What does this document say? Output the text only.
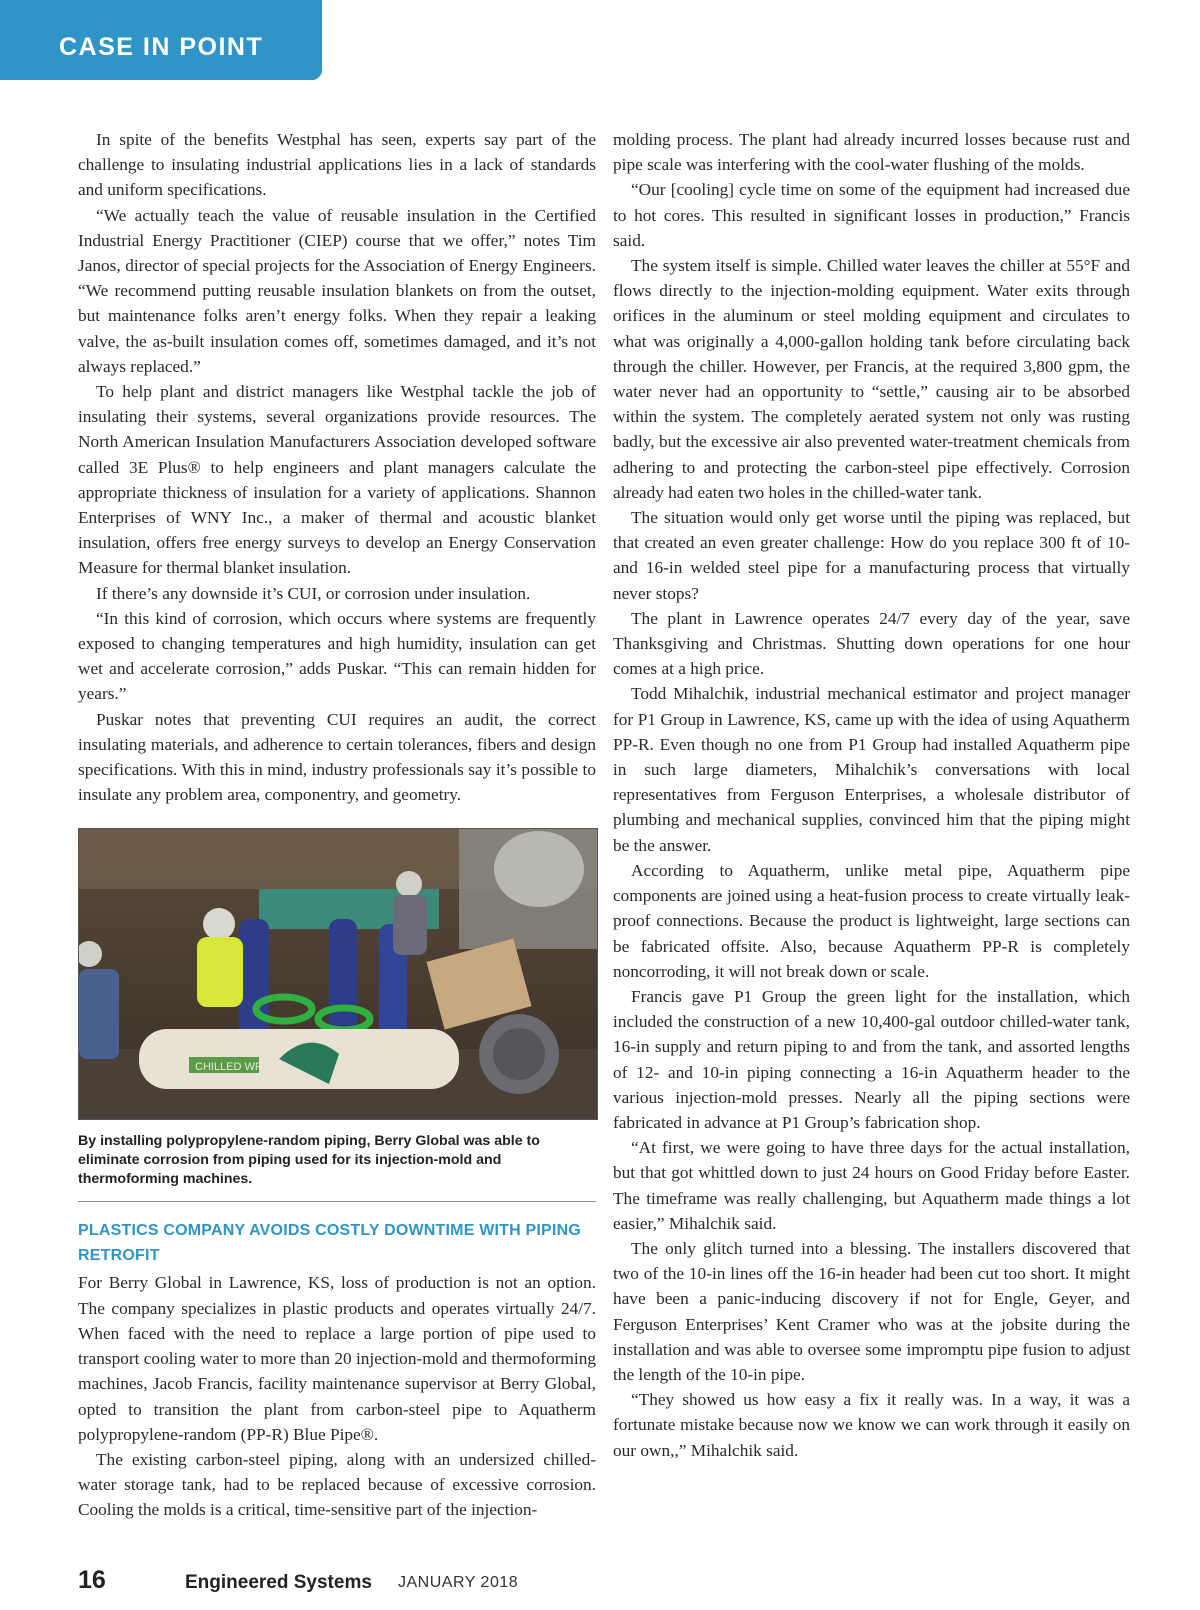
CASE IN POINT

In spite of the benefits Westphal has seen, experts say part of the challenge to insulating industrial applications lies in a lack of standards and uniform specifications.

“We actually teach the value of reusable insulation in the Certified Industrial Energy Practitioner (CIEP) course that we offer,” notes Tim Janos, director of special projects for the Association of Energy Engineers. “We recommend putting reusable insulation blankets on from the outset, but maintenance folks aren’t energy folks. When they repair a leaking valve, the as-built insulation comes off, sometimes damaged, and it’s not always replaced.”

To help plant and district managers like Westphal tackle the job of insulating their systems, several organizations provide resources. The North American Insulation Manufacturers Association developed software called 3E Plus® to help engineers and plant managers calculate the appropriate thickness of insulation for a variety of applications. Shannon Enterprises of WNY Inc., a maker of thermal and acoustic blanket insulation, offers free energy surveys to develop an Energy Conservation Measure for thermal blanket insulation.

If there’s any downside it’s CUI, or corrosion under insulation.

“In this kind of corrosion, which occurs where systems are frequently exposed to changing temperatures and high humidity, insulation can get wet and accelerate corrosion,” adds Puskar. “This can remain hidden for years.”

Puskar notes that preventing CUI requires an audit, the correct insulating materials, and adherence to certain tolerances, fibers and design specifications. With this in mind, industry professionals say it’s possible to insulate any problem area, componentry, and geometry.

CHILLED WR
By installing polypropylene-random piping, Berry Global was able to eliminate corrosion from piping used for its injection-mold and thermoforming machines.
PLASTICS COMPANY AVOIDS COSTLY DOWNTIME WITH PIPING RETROFIT

For Berry Global in Lawrence, KS, loss of production is not an option. The company specializes in plastic products and operates virtually 24/7. When faced with the need to replace a large portion of pipe used to transport cooling water to more than 20 injection-mold and thermoforming machines, Jacob Francis, facility maintenance supervisor at Berry Global, opted to transition the plant from carbon-steel pipe to Aquatherm polypropylene-random (PP-R) Blue Pipe®.

The existing carbon-steel piping, along with an undersized chilled-water storage tank, had to be replaced because of excessive corrosion. Cooling the molds is a critical, time-sensitive part of the injection-

molding process. The plant had already incurred losses because rust and pipe scale was interfering with the cool-water flushing of the molds.

“Our [cooling] cycle time on some of the equipment had increased due to hot cores. This resulted in significant losses in production,” Francis said.

The system itself is simple. Chilled water leaves the chiller at 55°F and flows directly to the injection-molding equipment. Water exits through orifices in the aluminum or steel molding equipment and circulates to what was originally a 4,000-gallon holding tank before circulating back through the chiller. However, per Francis, at the required 3,800 gpm, the water never had an opportunity to “settle,” causing air to be absorbed within the system. The completely aerated system not only was rusting badly, but the excessive air also prevented water-treatment chemicals from adhering to and protecting the carbon-steel pipe effectively. Corrosion already had eaten two holes in the chilled-water tank.

The situation would only get worse until the piping was replaced, but that created an even greater challenge: How do you replace 300 ft of 10- and 16-in welded steel pipe for a manufacturing process that virtually never stops?

The plant in Lawrence operates 24/7 every day of the year, save Thanksgiving and Christmas. Shutting down operations for one hour comes at a high price.

Todd Mihalchik, industrial mechanical estimator and project manager for P1 Group in Lawrence, KS, came up with the idea of using Aquatherm PP-R. Even though no one from P1 Group had installed Aquatherm pipe in such large diameters, Mihalchik’s conversations with local representatives from Ferguson Enterprises, a wholesale distributor of plumbing and mechanical supplies, convinced him that the piping might be the answer.

According to Aquatherm, unlike metal pipe, Aquatherm pipe components are joined using a heat-fusion process to create virtually leak-proof connections. Because the product is lightweight, large sections can be fabricated offsite. Also, because Aquatherm PP-R is completely noncorroding, it will not break down or scale.

Francis gave P1 Group the green light for the installation, which included the construction of a new 10,400-gal outdoor chilled-water tank, 16-in supply and return piping to and from the tank, and assorted lengths of 12- and 10-in piping connecting a 16-in Aquatherm header to the various injection-mold presses. Nearly all the piping sections were fabricated in advance at P1 Group’s fabrication shop.

“At first, we were going to have three days for the actual installation, but that got whittled down to just 24 hours on Good Friday before Easter. The timeframe was really challenging, but Aquatherm made things a lot easier,” Mihalchik said.

The only glitch turned into a blessing. The installers discovered that two of the 10-in lines off the 16-in header had been cut too short. It might have been a panic-inducing discovery if not for Engle, Geyer, and Ferguson Enterprises’ Kent Cramer who was at the jobsite during the installation and was able to oversee some impromptu pipe fusion to adjust the length of the 10-in pipe.

“They showed us how easy a fix it really was. In a way, it was a fortunate mistake because now we know we can work through it easily on our own,,” Mihalchik said.

16	Engineered Systems JANUARY 2018
